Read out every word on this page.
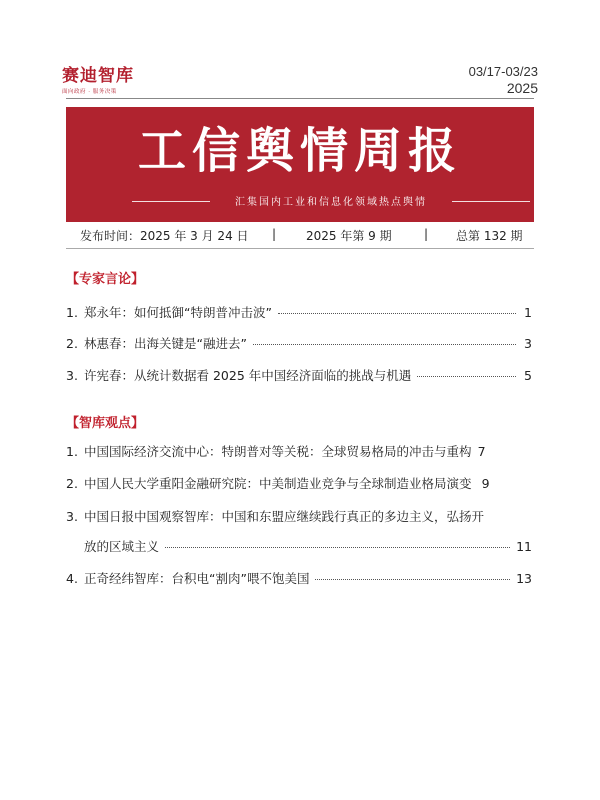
赛迪智库
面向政府 · 服务决策
03/17-03/23
2025
工信舆情周报
汇集国内工业和信息化领域热点舆情
发布时间：2025 年 3 月 24 日 | 2025 年第 9 期	| 总第 132 期
【专家言论】
1. 郑永年：如何抵御“特朗普冲击波”	1
2. 林惠春：出海关键是“融进去”	3
3. 许宪春：从统计数据看 2025 年中国经济面临的挑战与机遇	5
【智库观点】
1. 中国国际经济交流中心：特朗普对等关税：全球贸易格局的冲击与重构 7
2. 中国人民大学重阳金融研究院：中美制造业竞争与全球制造业格局演变 9
3. 中国日报中国观察智库：中国和东盟应继续践行真正的多边主义，弘扬开
放的区域主义	11
4. 正奇经纬智库：台积电“割肉”喂不饱美国	13
